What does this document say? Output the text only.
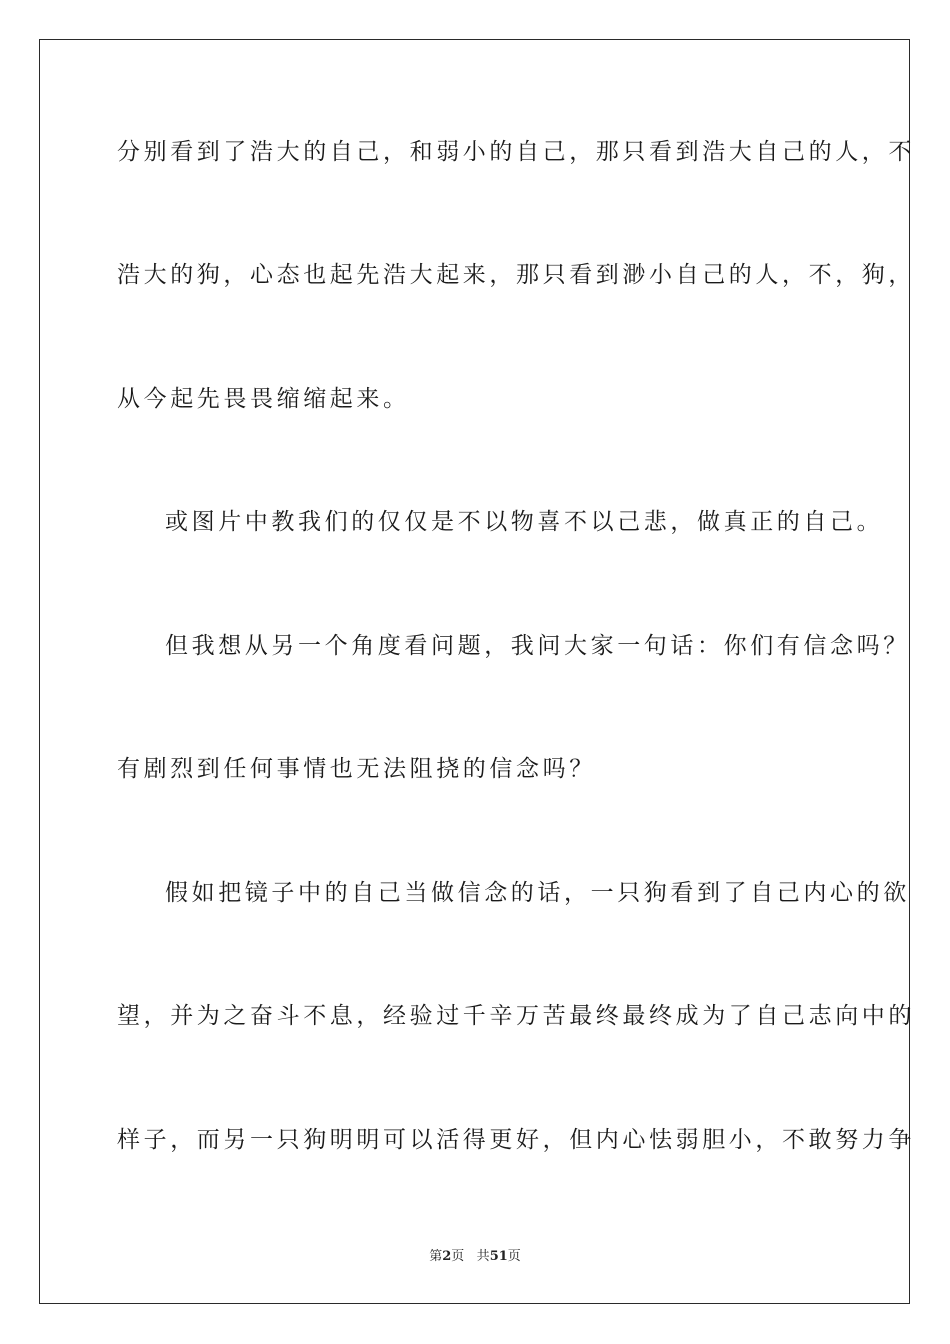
分别看到了浩大的自己，和弱小的自己，那只看到浩大自己的人，不
浩大的狗，心态也起先浩大起来，那只看到渺小自己的人，不，狗，
从今起先畏畏缩缩起来。
或图片中教我们的仅仅是不以物喜不以己悲，做真正的自己。
但我想从另一个角度看问题，我问大家一句话：你们有信念吗？
有剧烈到任何事情也无法阻挠的信念吗？
假如把镜子中的自己当做信念的话，一只狗看到了自己内心的欲
望，并为之奋斗不息，经验过千辛万苦最终最终成为了自己志向中的
样子，而另一只狗明明可以活得更好，但内心怯弱胆小，不敢努力争
第2页 共51页
